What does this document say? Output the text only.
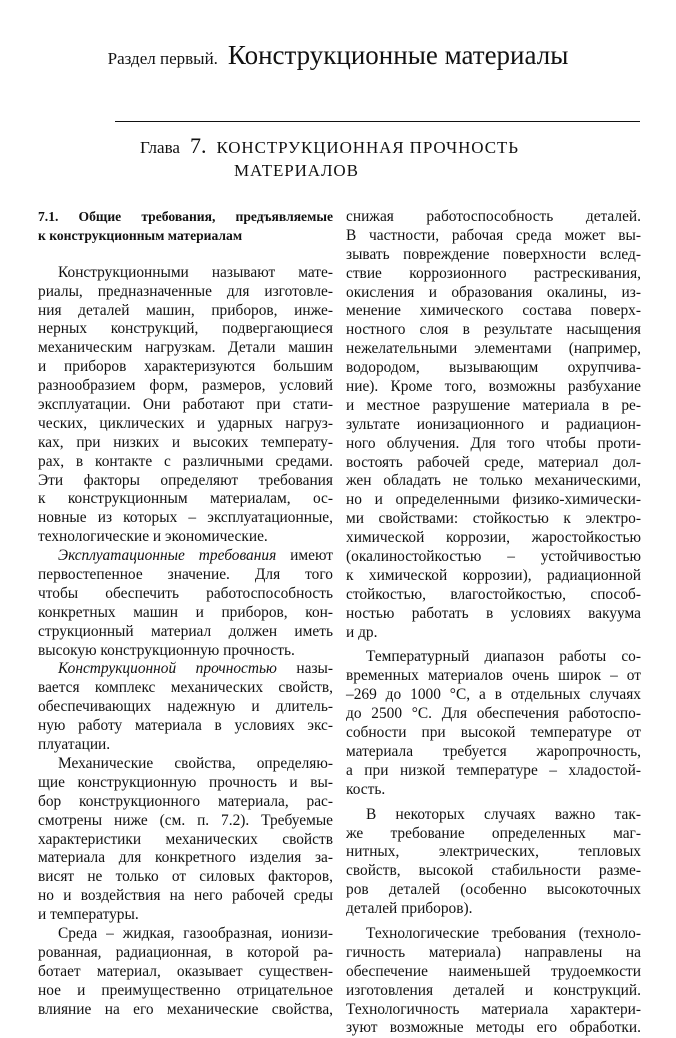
Раздел первый. Конструкционные материалы
Глава 7. КОНСТРУКЦИОННАЯ ПРОЧНОСТЬ
МАТЕРИАЛОВ
7.1. Общие требования, предъявляемые
к конструкционным материалам
Конструкционными называют мате-
риалы, предназначенные для изготовле-
ния деталей машин, приборов, инже-
нерных конструкций, подвергающиеся
механическим нагрузкам. Детали машин
и приборов характеризуются большим
разнообразием форм, размеров, условий
эксплуатации. Они работают при стати-
ческих, циклических и ударных нагруз-
ках, при низких и высоких температу-
рах, в контакте с различными средами.
Эти факторы определяют требования
к конструкционным материалам, ос-
новные из которых – эксплуатационные,
технологические и экономические.
Эксплуатационные требования имеют
первостепенное значение. Для того
чтобы обеспечить работоспособность
конкретных машин и приборов, кон-
струкционный материал должен иметь
высокую конструкционную прочность.
Конструкционной прочностью назы-
вается комплекс механических свойств,
обеспечивающих надежную и длитель-
ную работу материала в условиях экс-
плуатации.
Механические свойства, определяю-
щие конструкционную прочность и вы-
бор конструкционного материала, рас-
смотрены ниже (см. п. 7.2). Требуемые
характеристики механических свойств
материала для конкретного изделия за-
висят не только от силовых факторов,
но и воздействия на него рабочей среды
и температуры.
Среда – жидкая, газообразная, ионизи-
рованная, радиационная, в которой ра-
ботает материал, оказывает существен-
ное и преимущественно отрицательное
влияние на его механические свойства,
снижая работоспособность деталей.
В частности, рабочая среда может вы-
зывать повреждение поверхности вслед-
ствие коррозионного растрескивания,
окисления и образования окалины, из-
менение химического состава поверх-
ностного слоя в результате насыщения
нежелательными элементами (например,
водородом, вызывающим охрупчива-
ние). Кроме того, возможны разбухание
и местное разрушение материала в ре-
зультате ионизационного и радиацион-
ного облучения. Для того чтобы проти-
востоять рабочей среде, материал дол-
жен обладать не только механическими,
но и определенными физико-химически-
ми свойствами: стойкостью к электро-
химической коррозии, жаростойкостью
(окалиностойкостью – устойчивостью
к химической коррозии), радиационной
стойкостью, влагостойкостью, способ-
ностью работать в условиях вакуума
и др.
Температурный диапазон работы со-
временных материалов очень широк – от
–269 до 1000 °С, а в отдельных случаях
до 2500 °С. Для обеспечения работоспо-
собности при высокой температуре от
материала требуется жаропрочность,
а при низкой температуре – хладостой-
кость.
В некоторых случаях важно так-
же требование определенных маг-
нитных, электрических, тепловых
свойств, высокой стабильности разме-
ров деталей (особенно высокоточных
деталей приборов).
Технологические требования (техноло-
гичность материала) направлены на
обеспечение наименьшей трудоемкости
изготовления деталей и конструкций.
Технологичность материала характери-
зуют возможные методы его обработки.
